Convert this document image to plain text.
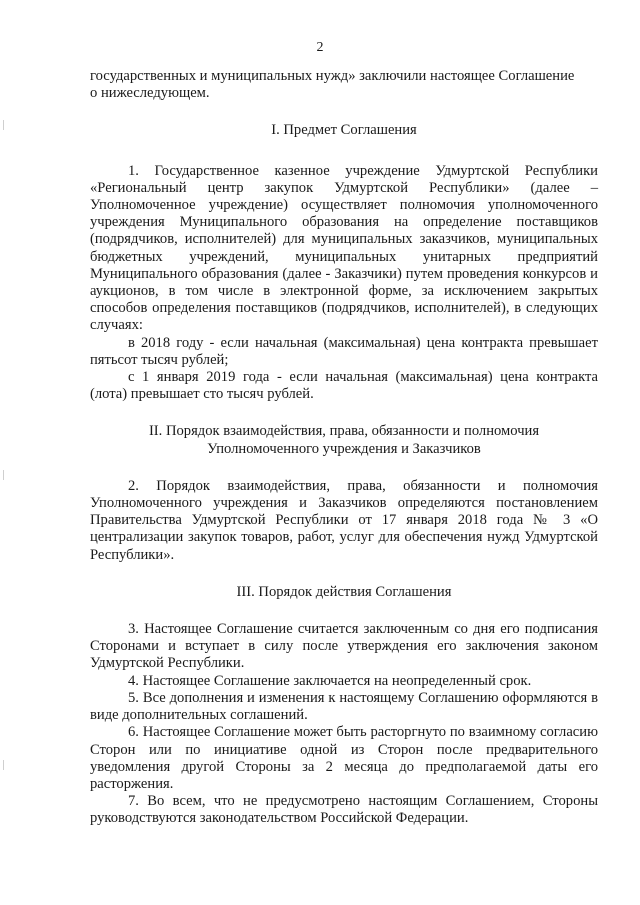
2

государственных и муниципальных нужд» заключили настоящее Соглашение

о нижеследующем.

I. Предмет Соглашения

1. Государственное казенное учреждение Удмуртской Республики «Региональный центр закупок Удмуртской Республики» (далее – Уполномоченное учреждение) осуществляет полномочия уполномоченного учреждения Муниципального образования на определение поставщиков (подрядчиков, исполнителей) для муниципальных заказчиков, муниципальных бюджетных учреждений, муниципальных унитарных предприятий Муниципального образования (далее - Заказчики) путем проведения конкурсов и аукционов, в том числе в электронной форме, за исключением закрытых способов определения поставщиков (подрядчиков, исполнителей), в следующих случаях:

в 2018 году - если начальная (максимальная) цена контракта превышает пятьсот тысяч рублей;

с 1 января 2019 года - если начальная (максимальная) цена контракта (лота) превышает сто тысяч рублей.

II. Порядок взаимодействия, права, обязанности и полномочия
Уполномоченного учреждения и Заказчиков

2. Порядок взаимодействия, права, обязанности и полномочия Уполномоченного учреждения и Заказчиков определяются постановлением Правительства Удмуртской Республики от 17 января 2018 года № 3 «О централизации закупок товаров, работ, услуг для обеспечения нужд Удмуртской Республики».

III. Порядок действия Соглашения

3. Настоящее Соглашение считается заключенным со дня его подписания Сторонами и вступает в силу после утверждения его заключения законом Удмуртской Республики.

4. Настоящее Соглашение заключается на неопределенный срок.

5. Все дополнения и изменения к настоящему Соглашению оформляются в виде дополнительных соглашений.

6. Настоящее Соглашение может быть расторгнуто по взаимному согласию Сторон или по инициативе одной из Сторон после предварительного уведомления другой Стороны за 2 месяца до предполагаемой даты его расторжения.

7. Во всем, что не предусмотрено настоящим Соглашением, Стороны руководствуются законодательством Российской Федерации.
